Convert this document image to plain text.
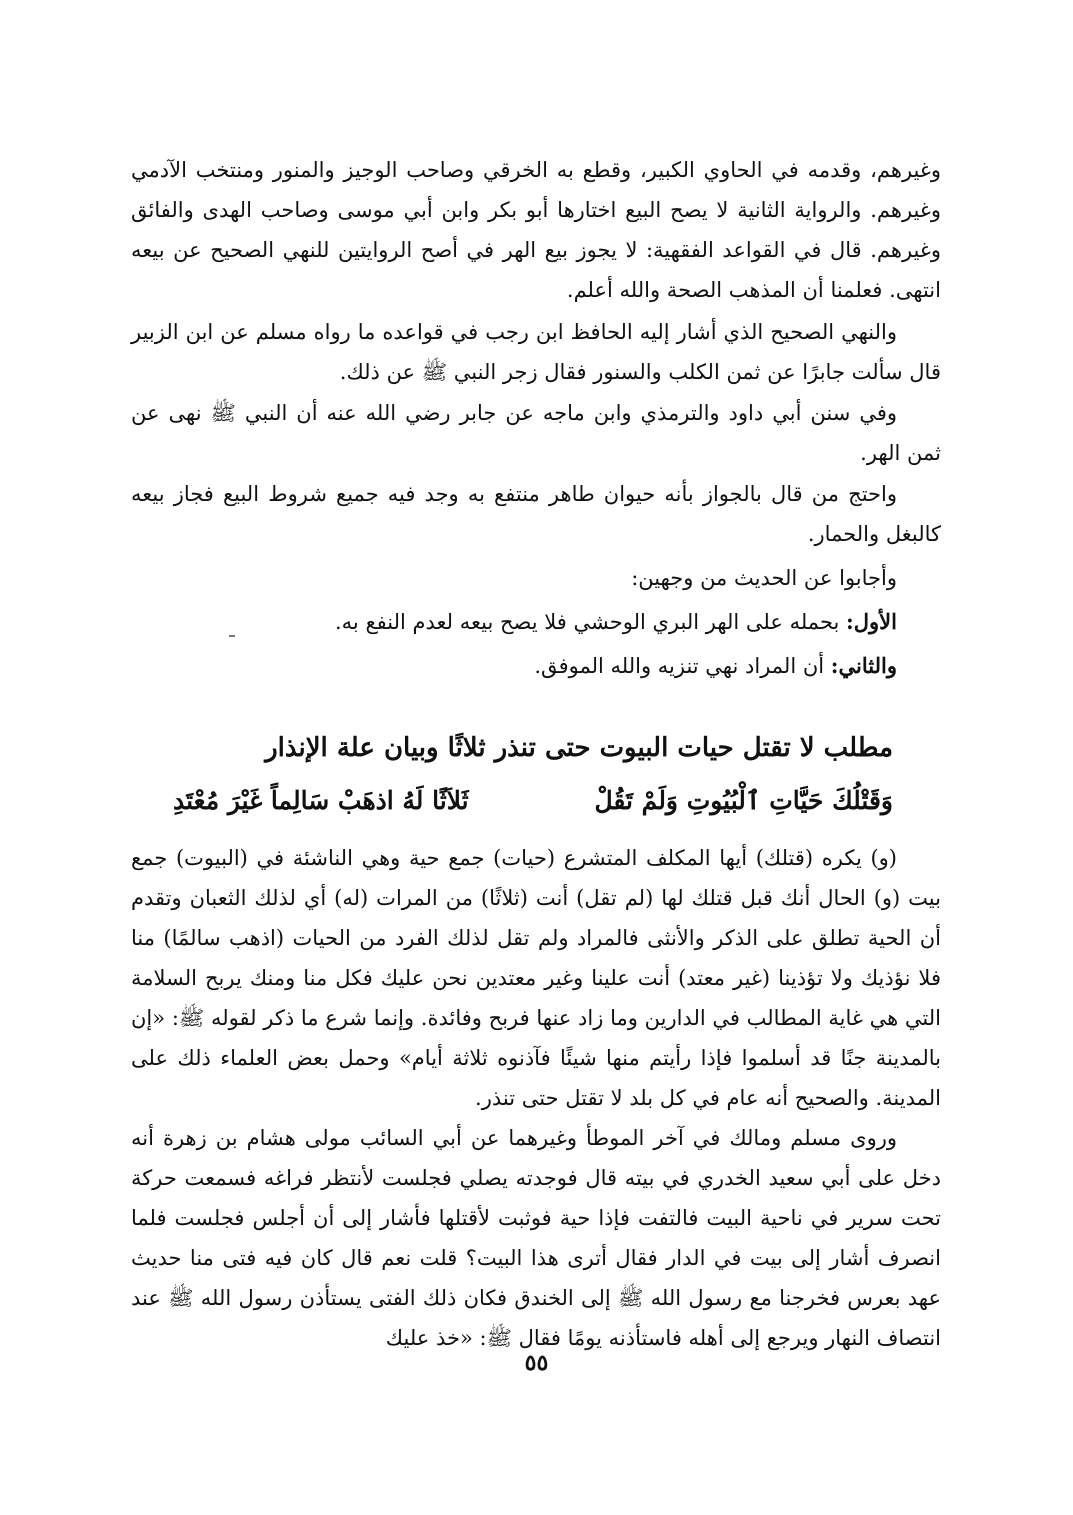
وغيرهم، وقدمه في الحاوي الكبير، وقطع به الخرقي وصاحب الوجيز والمنور ومنتخب الآدمي وغيرهم. والرواية الثانية لا يصح البيع اختارها أبو بكر وابن أبي موسى وصاحب الهدى والفائق وغيرهم. قال في القواعد الفقهية: لا يجوز بيع الهر في أصح الروايتين للنهي الصحيح عن بيعه انتهى. فعلمنا أن المذهب الصحة والله أعلم.

والنهي الصحيح الذي أشار إليه الحافظ ابن رجب في قواعده ما رواه مسلم عن ابن الزبير قال سألت جابرًا عن ثمن الكلب والسنور فقال زجر النبي ﷺ عن ذلك.

وفي سنن أبي داود والترمذي وابن ماجه عن جابر رضي الله عنه أن النبي ﷺ نهى عن ثمن الهر.

واحتج من قال بالجواز بأنه حيوان طاهر منتفع به وجد فيه جميع شروط البيع فجاز بيعه كالبغل والحمار.

وأجابوا عن الحديث من وجهين:
الأول: بحمله على الهر البري الوحشي فلا يصح بيعه لعدم النفع به.
والثاني: أن المراد نهي تنزيه والله الموفق.
مطلب لا تقتل حيات البيوت حتى تنذر ثلاثًا وبيان علة الإنذار
وَقَتْلُكَ حَيَّاتِ ٱلْبُيُوتِ وَلَمْ تَقُلْ
ثَلاَثًا لَهُ اذهَبْ سَالِماً غَيْرَ مُعْتَدِ

(و) يكره (قتلك) أيها المكلف المتشرع (حيات) جمع حية وهي الناشئة في (البيوت) جمع بيت (و) الحال أنك قبل قتلك لها (لم تقل) أنت (ثلاثًا) من المرات (له) أي لذلك الثعبان وتقدم أن الحية تطلق على الذكر والأنثى فالمراد ولم تقل لذلك الفرد من الحيات (اذهب سالمًا) منا فلا نؤذيك ولا تؤذينا (غير معتد) أنت علينا وغير معتدين نحن عليك فكل منا ومنك يربح السلامة التي هي غاية المطالب في الدارين وما زاد عنها فربح وفائدة. وإنما شرع ما ذكر لقوله ﷺ: «إن بالمدينة جنًا قد أسلموا فإذا رأيتم منها شيئًا فآذنوه ثلاثة أيام» وحمل بعض العلماء ذلك على المدينة. والصحيح أنه عام في كل بلد لا تقتل حتى تنذر.

وروى مسلم ومالك في آخر الموطأ وغيرهما عن أبي السائب مولى هشام بن زهرة أنه دخل على أبي سعيد الخدري في بيته قال فوجدته يصلي فجلست لأنتظر فراغه فسمعت حركة تحت سرير في ناحية البيت فالتفت فإذا حية فوثبت لأقتلها فأشار إلى أن أجلس فجلست فلما انصرف أشار إلى بيت في الدار فقال أترى هذا البيت؟ قلت نعم قال كان فيه فتى منا حديث عهد بعرس فخرجنا مع رسول الله ﷺ إلى الخندق فكان ذلك الفتى يستأذن رسول الله ﷺ عند انتصاف النهار ويرجع إلى أهله فاستأذنه يومًا فقال ﷺ: «خذ عليك

٥٥
